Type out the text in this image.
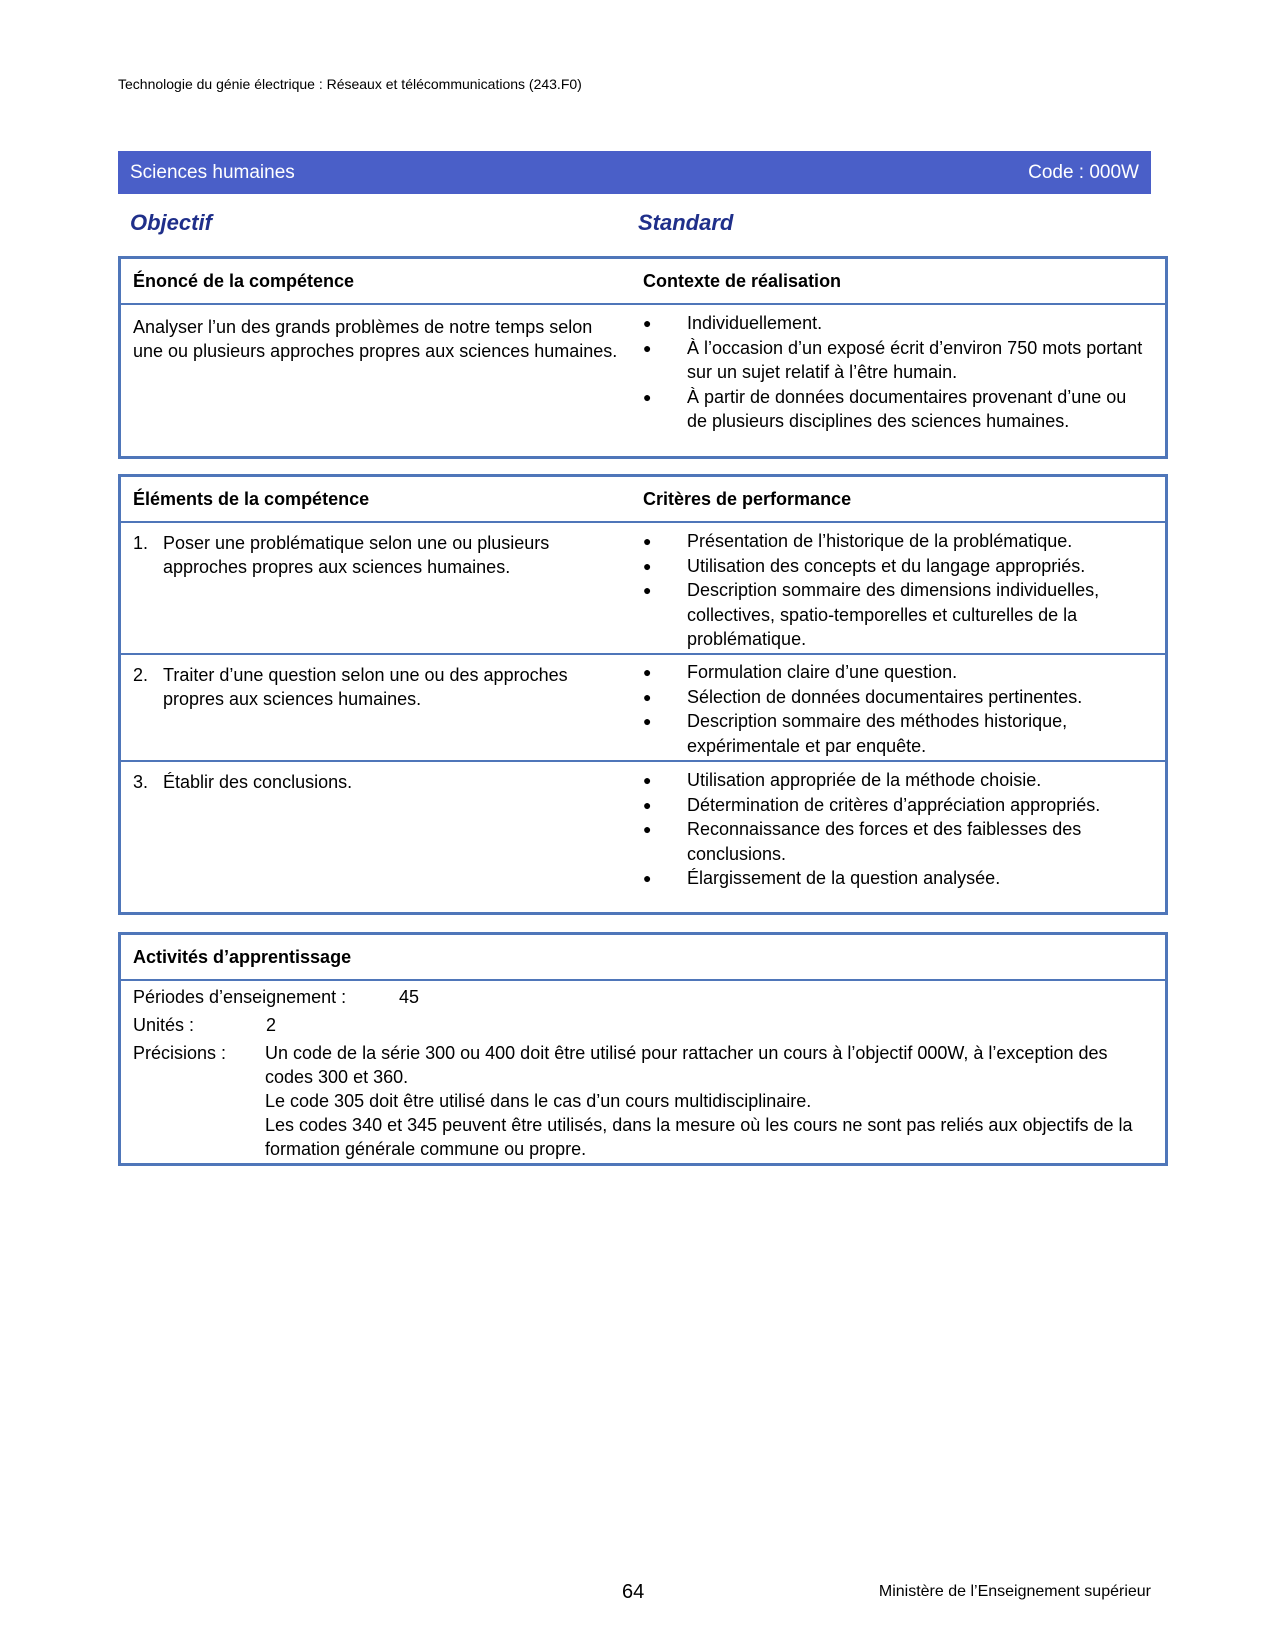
Technologie du génie électrique : Réseaux et télécommunications (243.F0)
Sciences humaines	Code : 000W
Objectif	Standard
Énoncé de la compétence	Contexte de réalisation
Analyser l’un des grands problèmes de notre temps selon une ou plusieurs approches propres aux sciences humaines.
● Individuellement.
● À l’occasion d’un exposé écrit d’environ 750 mots portant sur un sujet relatif à l’être humain.
● À partir de données documentaires provenant d’une ou de plusieurs disciplines des sciences humaines.
Éléments de la compétence	Critères de performance
1. Poser une problématique selon une ou plusieurs approches propres aux sciences humaines.
● Présentation de l’historique de la problématique.
● Utilisation des concepts et du langage appropriés.
● Description sommaire des dimensions individuelles, collectives, spatio-temporelles et culturelles de la problématique.
2. Traiter d’une question selon une ou des approches propres aux sciences humaines.
● Formulation claire d’une question.
● Sélection de données documentaires pertinentes.
● Description sommaire des méthodes historique, expérimentale et par enquête.
3. Établir des conclusions.	● Utilisation appropriée de la méthode choisie.
● Détermination de critères d’appréciation appropriés.
● Reconnaissance des forces et des faiblesses des conclusions.
● Élargissement de la question analysée.
Activités d’apprentissage
Périodes d’enseignement :	45
Unités :	2
Précisions : Un code de la série 300 ou 400 doit être utilisé pour rattacher un cours à l’objectif 000W, à l’exception des codes 300 et 360.
Le code 305 doit être utilisé dans le cas d’un cours multidisciplinaire.
Les codes 340 et 345 peuvent être utilisés, dans la mesure où les cours ne sont pas reliés aux objectifs de la formation générale commune ou propre.
64	Ministère de l’Enseignement supérieur
